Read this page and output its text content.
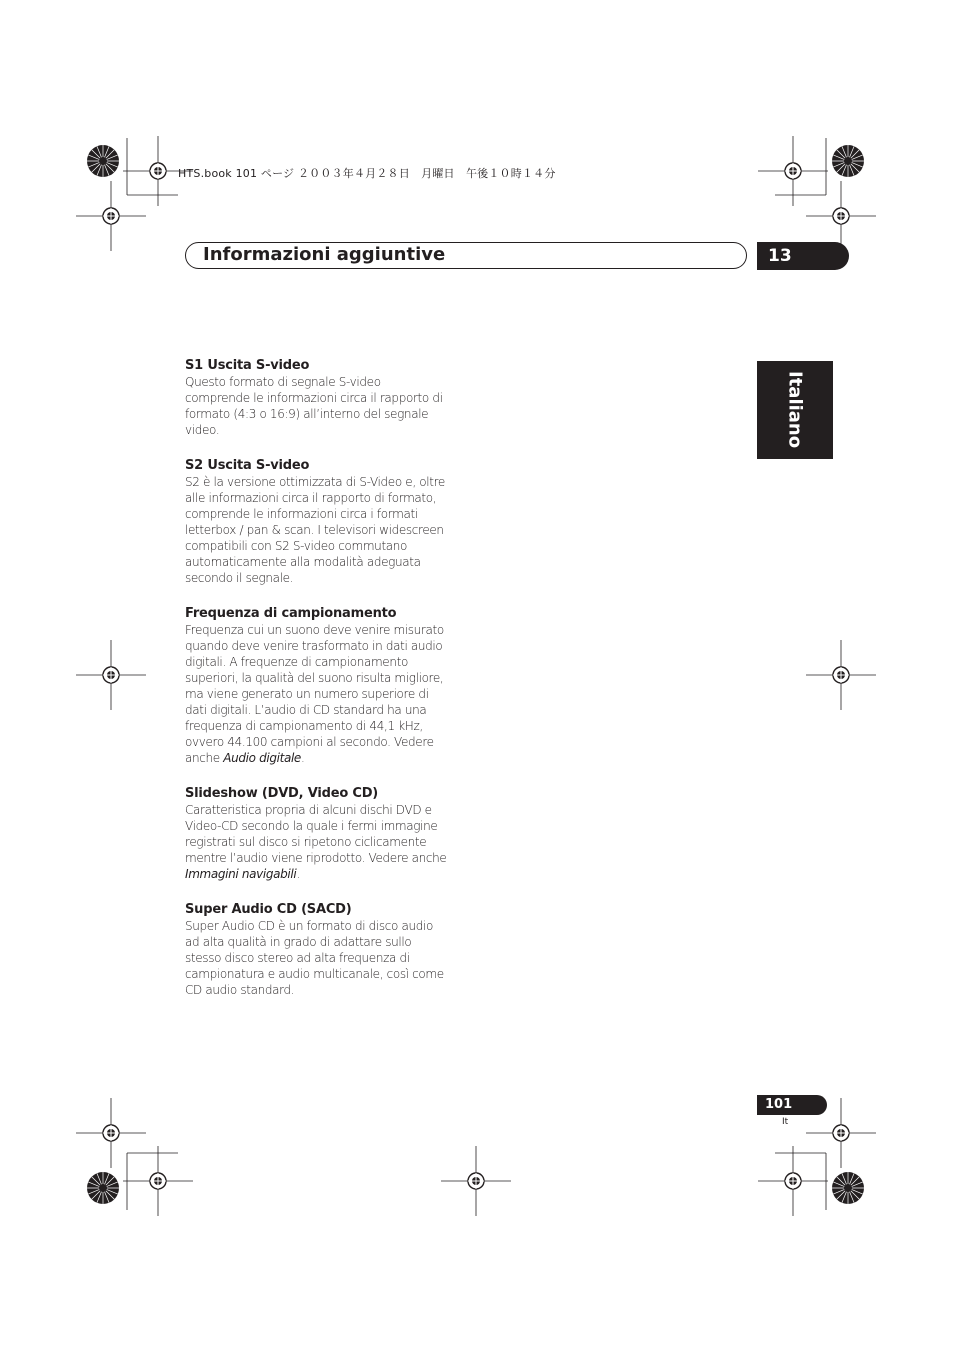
HTS.book 101 ページ ２００３年４月２８日　月曜日　午後１０時１４分
Informazioni aggiuntive	13
Italiano

S1 Uscita S-video

Questo formato di segnale S-video
comprende le informazioni circa il rapporto di
formato (4:3 o 16:9) all’interno del segnale
video.

S2 Uscita S-video

S2 è la versione ottimizzata di S-Video e, oltre
alle informazioni circa il rapporto di formato,
comprende le informazioni circa i formati
letterbox / pan & scan. I televisori widescreen
compatibili con S2 S-video commutano
automaticamente alla modalità adeguata
secondo il segnale.

Frequenza di campionamento

Frequenza cui un suono deve venire misurato
quando deve venire trasformato in dati audio
digitali. A frequenze di campionamento
superiori, la qualità del suono risulta migliore,
ma viene generato un numero superiore di
dati digitali. L’audio di CD standard ha una
frequenza di campionamento di 44,1 kHz,
ovvero 44.100 campioni al secondo. Vedere
anche Audio digitale.

Slideshow (DVD, Video CD)

Caratteristica propria di alcuni dischi DVD e
Video-CD secondo la quale i fermi immagine
registrati sul disco si ripetono ciclicamente
mentre l’audio viene riprodotto. Vedere anche
Immagini navigabili.

Super Audio CD (SACD)

Super Audio CD è un formato di disco audio
ad alta qualità in grado di adattare sullo
stesso disco stereo ad alta frequenza di
campionatura e audio multicanale, così come
CD audio standard.

101
It
